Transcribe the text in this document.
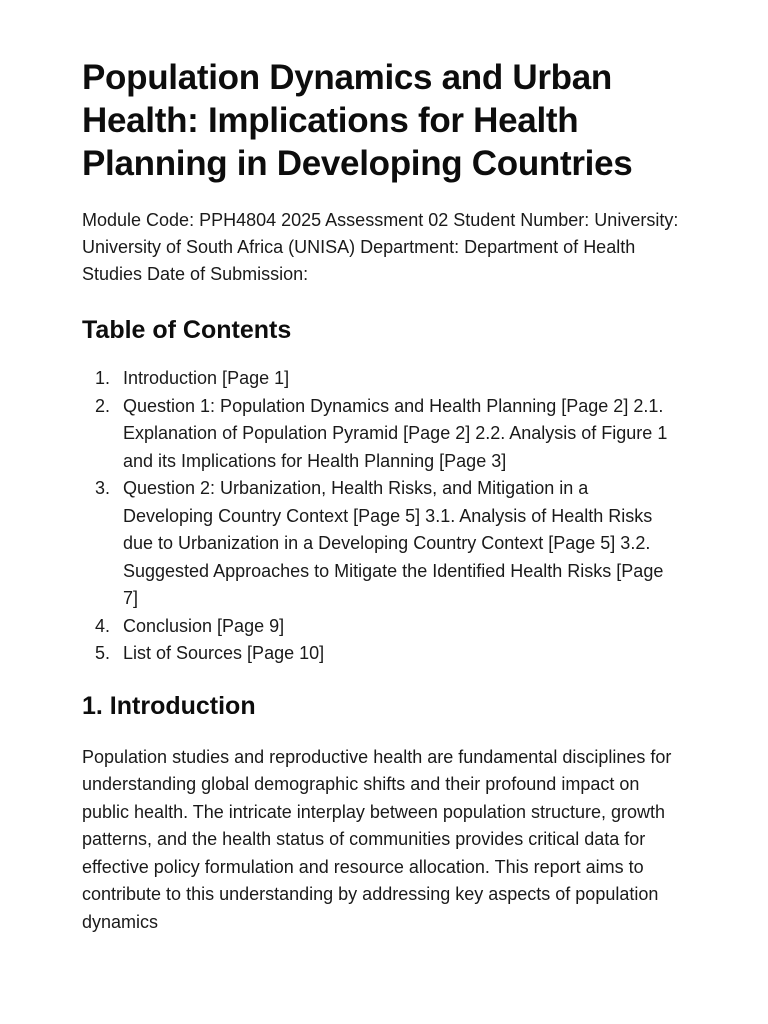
Population Dynamics and Urban Health: Implications for Health Planning in Developing Countries

Module Code: PPH4804 2025 Assessment 02 Student Number: University: University of South Africa (UNISA) Department: Department of Health Studies Date of Submission:

Table of Contents
1. Introduction [Page 1]
2. Question 1: Population Dynamics and Health Planning [Page 2] 2.1. Explanation of Population Pyramid [Page 2] 2.2. Analysis of Figure 1 and its Implications for Health Planning [Page 3]
3. Question 2: Urbanization, Health Risks, and Mitigation in a Developing Country Context [Page 5] 3.1. Analysis of Health Risks due to Urbanization in a Developing Country Context [Page 5] 3.2. Suggested Approaches to Mitigate the Identified Health Risks [Page 7]
4. Conclusion [Page 9]
5. List of Sources [Page 10]
1. Introduction

Population studies and reproductive health are fundamental disciplines for understanding global demographic shifts and their profound impact on public health. The intricate interplay between population structure, growth patterns, and the health status of communities provides critical data for effective policy formulation and resource allocation. This report aims to contribute to this understanding by addressing key aspects of population dynamics
